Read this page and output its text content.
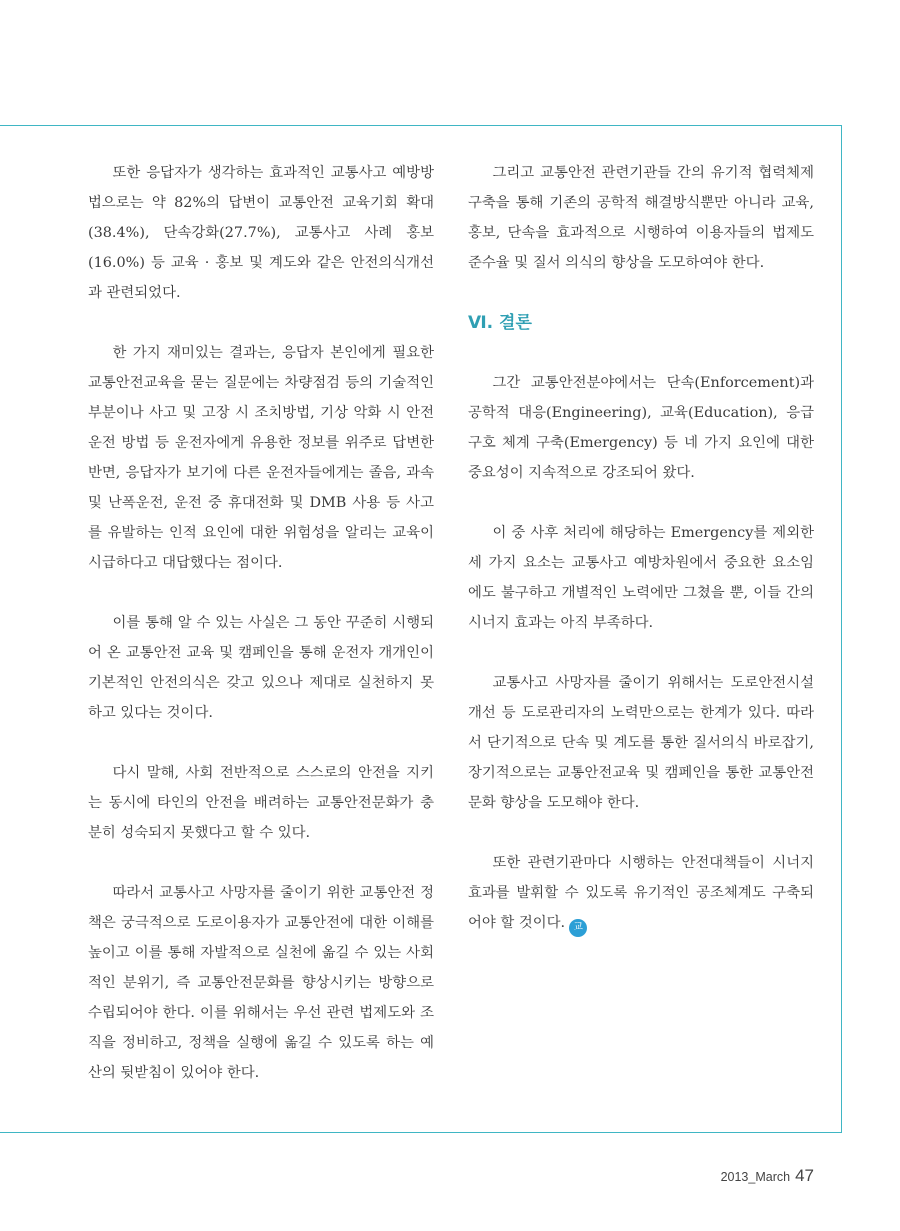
또한 응답자가 생각하는 효과적인 교통사고 예방방법으로는 약 82%의 답변이 교통안전 교육기회 확대(38.4%), 단속강화(27.7%), 교통사고 사례 홍보(16.0%) 등 교육 · 홍보 및 계도와 같은 안전의식개선과 관련되었다.

한 가지 재미있는 결과는, 응답자 본인에게 필요한 교통안전교육을 묻는 질문에는 차량점검 등의 기술적인 부분이나 사고 및 고장 시 조치방법, 기상 악화 시 안전운전 방법 등 운전자에게 유용한 정보를 위주로 답변한 반면, 응답자가 보기에 다른 운전자들에게는 졸음, 과속 및 난폭운전, 운전 중 휴대전화 및 DMB 사용 등 사고를 유발하는 인적 요인에 대한 위험성을 알리는 교육이 시급하다고 대답했다는 점이다.

이를 통해 알 수 있는 사실은 그 동안 꾸준히 시행되어 온 교통안전 교육 및 캠페인을 통해 운전자 개개인이 기본적인 안전의식은 갖고 있으나 제대로 실천하지 못하고 있다는 것이다.

다시 말해, 사회 전반적으로 스스로의 안전을 지키는 동시에 타인의 안전을 배려하는 교통안전문화가 충분히 성숙되지 못했다고 할 수 있다.

따라서 교통사고 사망자를 줄이기 위한 교통안전 정책은 궁극적으로 도로이용자가 교통안전에 대한 이해를 높이고 이를 통해 자발적으로 실천에 옮길 수 있는 사회적인 분위기, 즉 교통안전문화를 향상시키는 방향으로 수립되어야 한다. 이를 위해서는 우선 관련 법제도와 조직을 정비하고, 정책을 실행에 옮길 수 있도록 하는 예산의 뒷받침이 있어야 한다.

그리고 교통안전 관련기관들 간의 유기적 협력체제 구축을 통해 기존의 공학적 해결방식뿐만 아니라 교육, 홍보, 단속을 효과적으로 시행하여 이용자들의 법제도 준수율 및 질서 의식의 향상을 도모하여야 한다.

Ⅵ. 결론

그간 교통안전분야에서는 단속(Enforcement)과 공학적 대응(Engineering), 교육(Education), 응급구호 체계 구축(Emergency) 등 네 가지 요인에 대한 중요성이 지속적으로 강조되어 왔다.

이 중 사후 처리에 해당하는 Emergency를 제외한 세 가지 요소는 교통사고 예방차원에서 중요한 요소임에도 불구하고 개별적인 노력에만 그쳤을 뿐, 이들 간의 시너지 효과는 아직 부족하다.

교통사고 사망자를 줄이기 위해서는 도로안전시설 개선 등 도로관리자의 노력만으로는 한계가 있다. 따라서 단기적으로 단속 및 계도를 통한 질서의식 바로잡기, 장기적으로는 교통안전교육 및 캠페인을 통한 교통안전문화 향상을 도모해야 한다.

또한 관련기관마다 시행하는 안전대책들이 시너지 효과를 발휘할 수 있도록 유기적인 공조체계도 구축되어야 할 것이다. 교

2013_March 47
